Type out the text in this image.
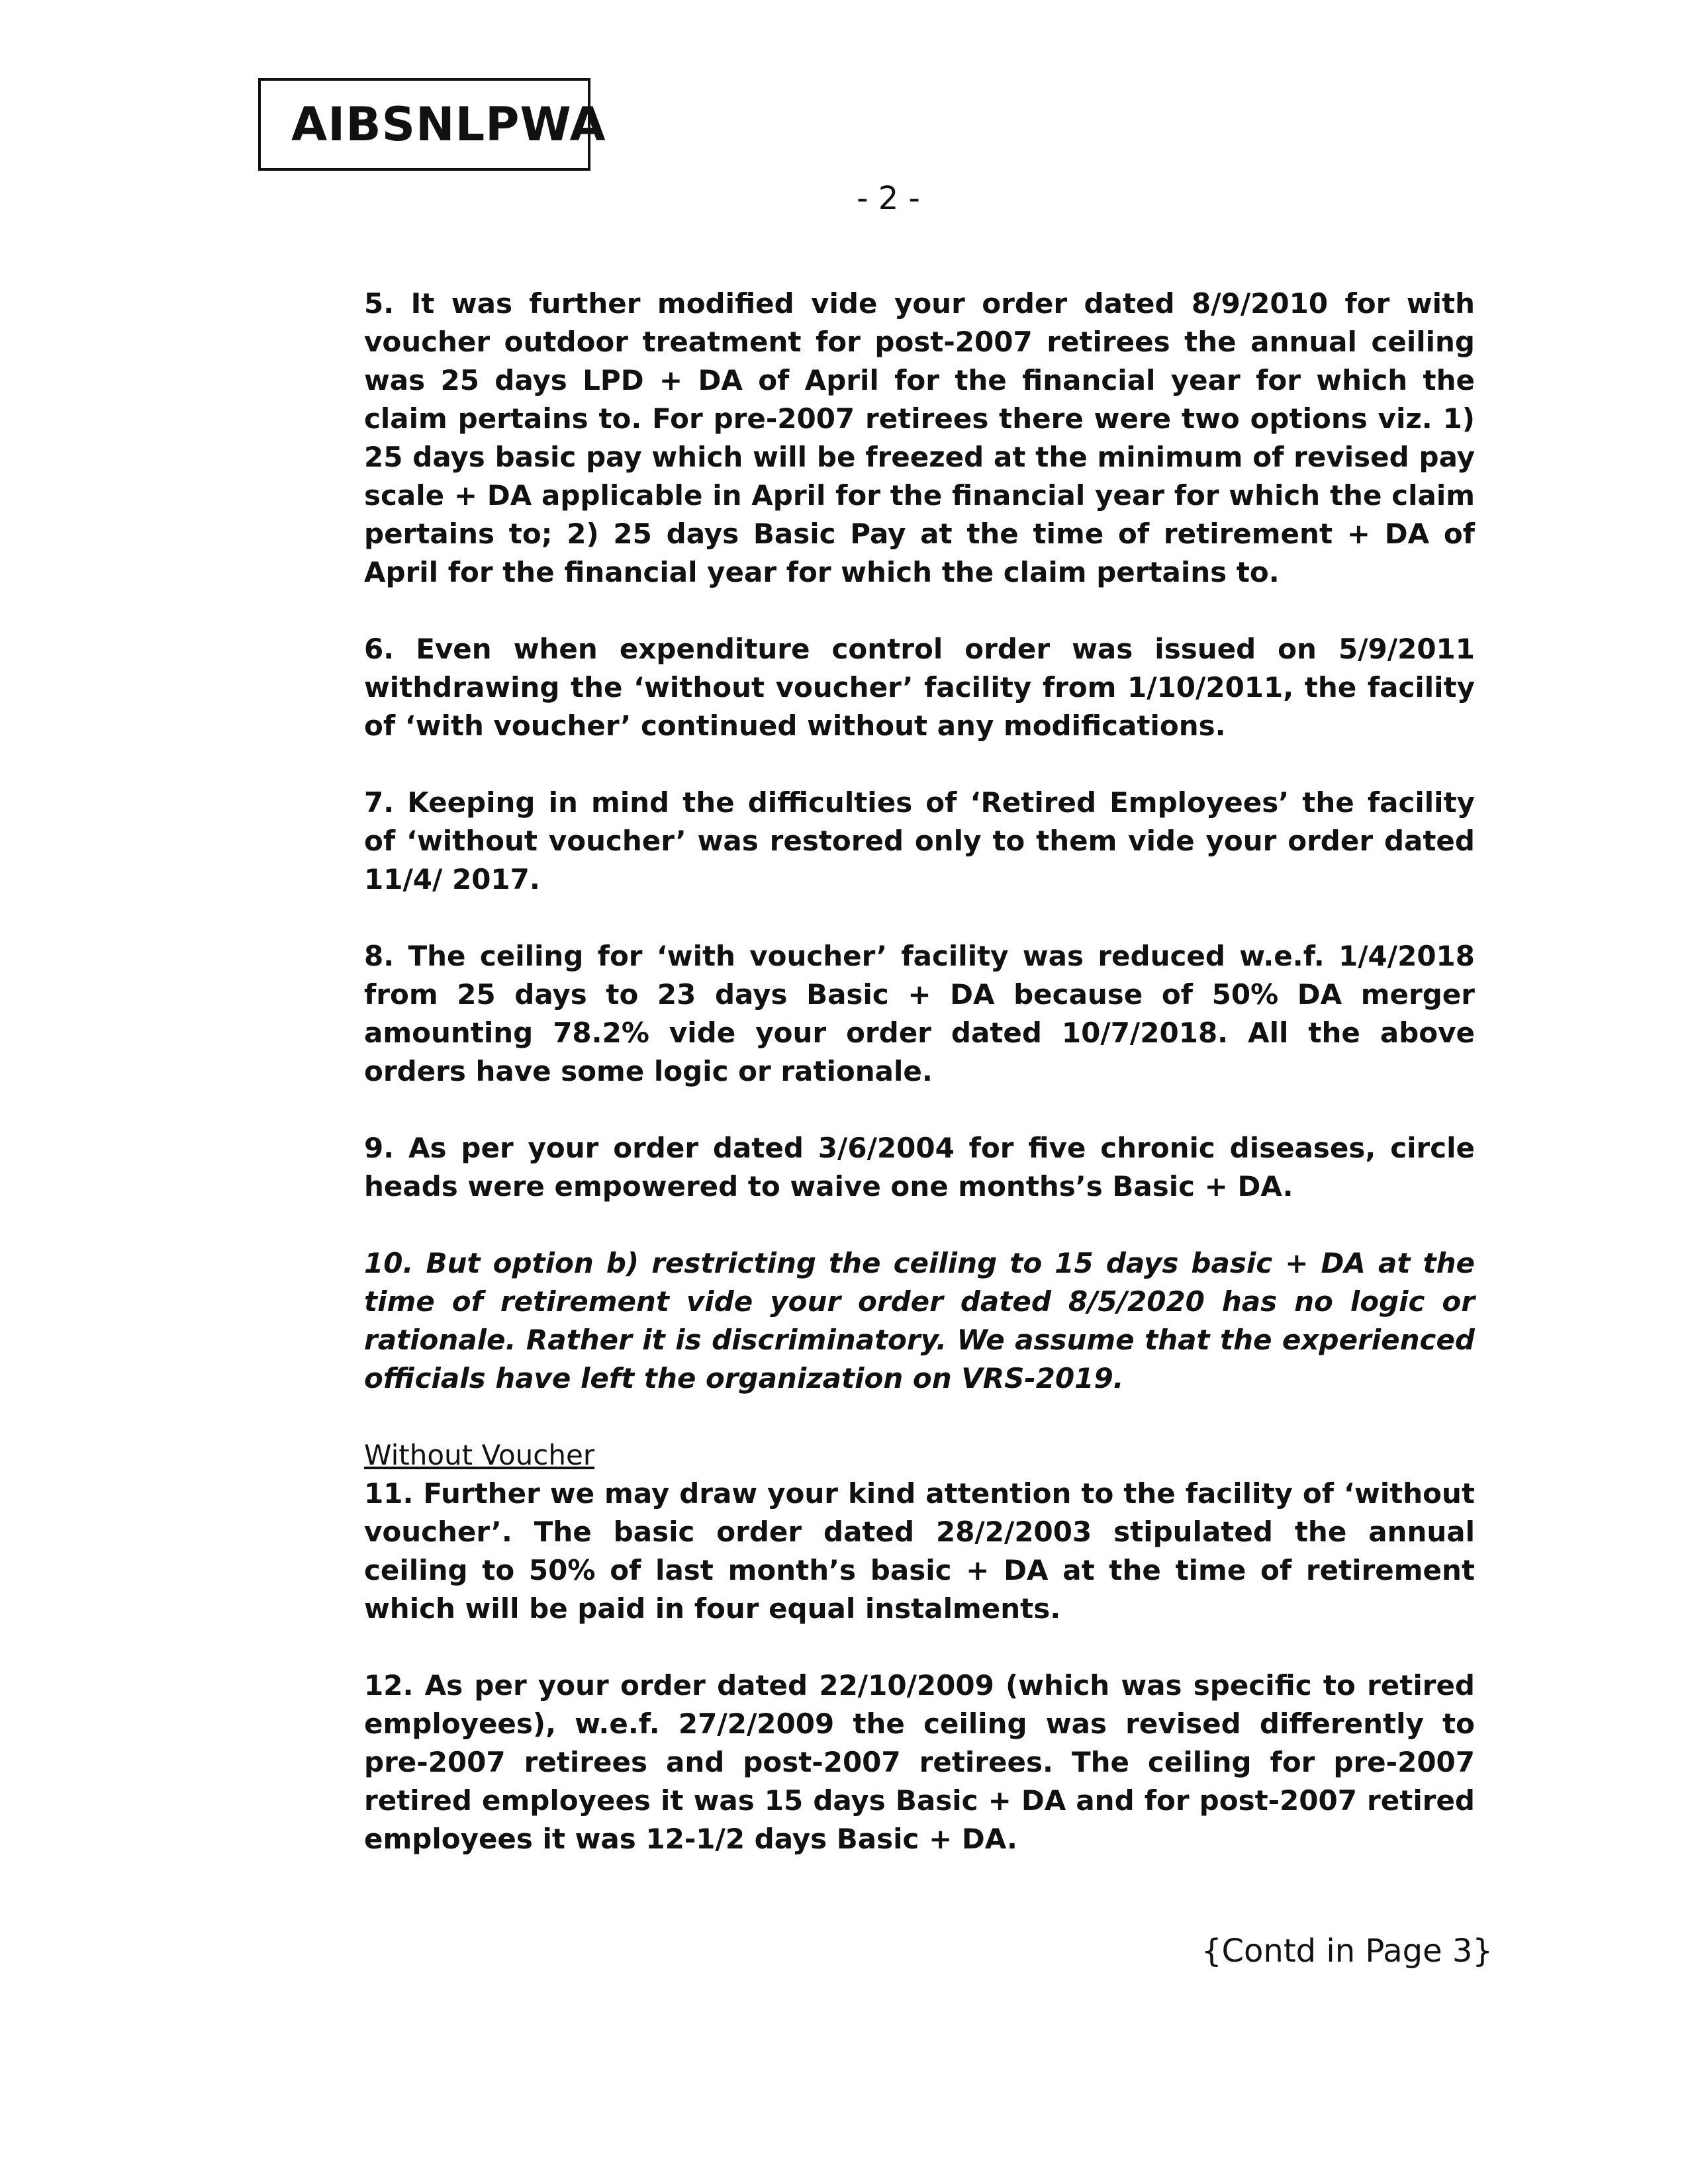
AIBSNLPWA
- 2 -

5. It was further modified vide your order dated 8/9/2010 for with voucher outdoor treatment for post-2007 retirees the annual ceiling was 25 days LPD + DA of April for the financial year for which the claim pertains to. For pre-2007 retirees there were two options viz. 1) 25 days basic pay which will be freezed at the minimum of revised pay scale + DA applicable in April for the financial year for which the claim pertains to; 2) 25 days Basic Pay at the time of retirement + DA of April for the financial year for which the claim pertains to.

6. Even when expenditure control order was issued on 5/9/2011 withdrawing the ‘without voucher’ facility from 1/10/2011, the facility of ‘with voucher’ continued without any modifications.

7. Keeping in mind the difficulties of ‘Retired Employees’ the facility of ‘without voucher’ was restored only to them vide your order dated 11/4/ 2017.

8. The ceiling for ‘with voucher’ facility was reduced w.e.f. 1/4/2018 from 25 days to 23 days Basic + DA because of 50% DA merger amounting 78.2% vide your order dated 10/7/2018. All the above orders have some logic or rationale.

9. As per your order dated 3/6/2004 for five chronic diseases, circle heads were empowered to waive one months’s Basic + DA.

10. But option b) restricting the ceiling to 15 days basic + DA at the time of retirement vide your order dated 8/5/2020 has no logic or rationale. Rather it is discriminatory. We assume that the experienced officials have left the organization on VRS-2019.

Without Voucher

11. Further we may draw your kind attention to the facility of ‘without voucher’. The basic order dated 28/2/2003 stipulated the annual ceiling to 50% of last month’s basic + DA at the time of retirement which will be paid in four equal instalments.

12. As per your order dated 22/10/2009 (which was specific to retired employees), w.e.f. 27/2/2009 the ceiling was revised differently to pre-2007 retirees and post-2007 retirees. The ceiling for pre-2007 retired employees it was 15 days Basic + DA and for post-2007 retired employees it was 12-1/2 days Basic + DA.

{Contd in Page 3}
